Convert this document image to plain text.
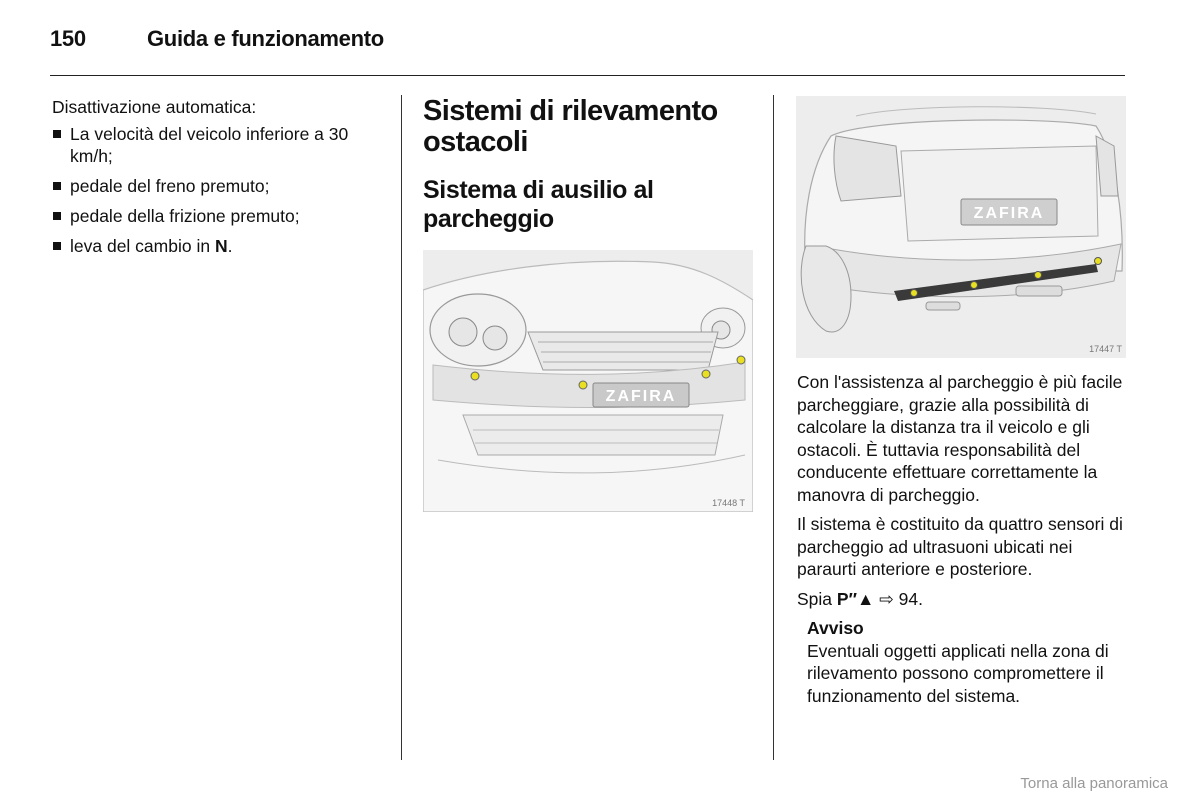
150	Guida e funzionamento

Disattivazione automatica:

La velocità del veicolo inferiore a 30 km/h;
pedale del freno premuto;
pedale della frizione premuto;
leva del cambio in N.
Sistemi di rilevamento ostacoli
Sistema di ausilio al parcheggio
ZAFIRA
17448 T
ZAFIRA
17447 T

Con l'assistenza al parcheggio è più facile parcheggiare, grazie alla possibilità di calcolare la distanza tra il veicolo e gli ostacoli. È tuttavia responsabilità del conducente effettuare correttamente la manovra di parcheggio.

Il sistema è costituito da quattro sensori di parcheggio ad ultrasuoni ubicati nei paraurti anteriore e posteriore.

Spia P″▲ ⇨ 94.

Avviso

Eventuali oggetti applicati nella zona di rilevamento possono compromettere il funzionamento del sistema.

Torna alla panoramica
